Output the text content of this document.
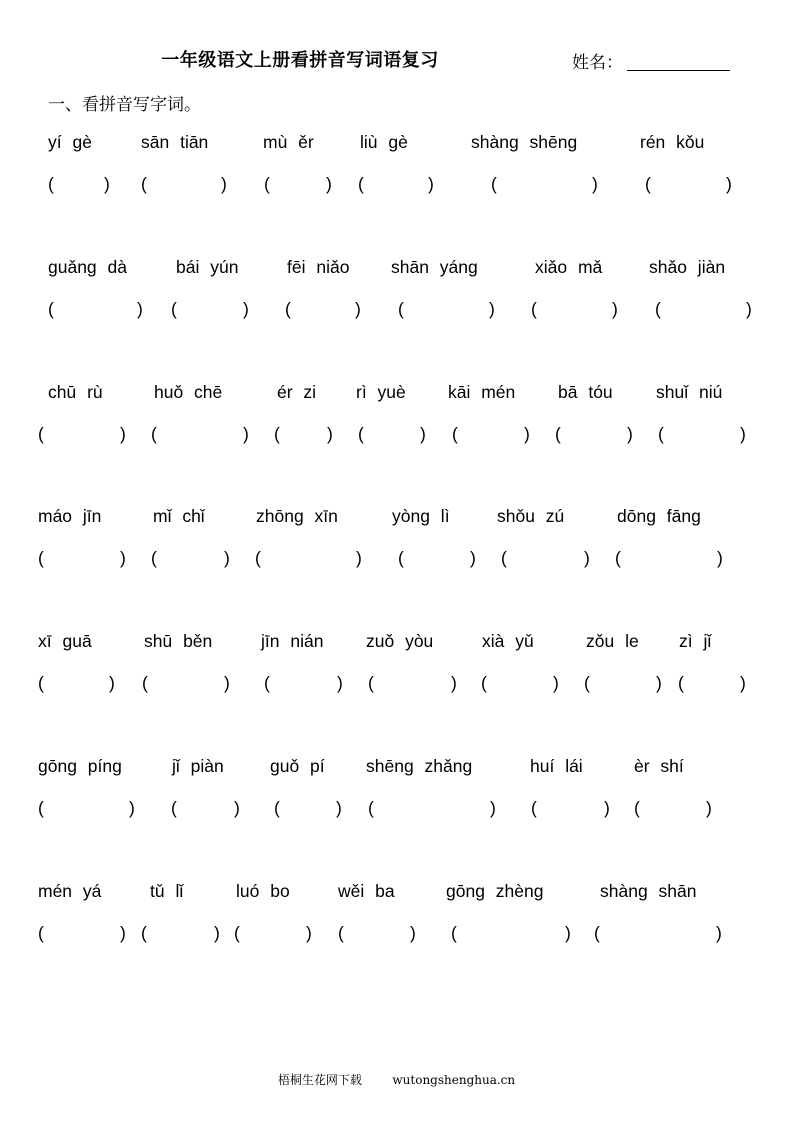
一年级语文上册看拼音写词语复习	姓名：
一、看拼音写字词。
yí gè
(	)
sān tiān
(	)
mù ěr
(	)
liù gè
(	)
shàng shēng
(	)
rén kǒu
(	)
guǎng dà
(	)
bái yún
(	)
fēi niǎo
(	)
shān yáng
(	)
xiǎo mǎ
(	)
shǎo jiàn
(	)
chū rù
(	)
huǒ chē
(	)
ér zi
(	)
rì yuè
(	)
kāi mén
(	)
bā tóu
(	)
shuǐ niú
(	)
máo jīn
(	)
mǐ chǐ
(	)
zhōng xīn
(	)
yòng lì
(	)
shǒu zú
(	)
dōng fāng
(	)
xī guā
(	)
shū běn
(	)
jīn nián
(	)
zuǒ yòu
(	)
xià yǔ
(	)
zǒu le
(	)
zì jǐ
(	)
gōng píng
(	)
jǐ piàn
(	)
guǒ pí
(	)
shēng zhǎng
(	)
huí lái
(	)
èr shí
(	)
mén yá
(	)
tǔ lǐ
(	)
luó bo
(	)
wěi ba
(	)
gōng zhèng
(	)
shàng shān
(	)
梧桐生花网下载        wutongshenghua.cn
